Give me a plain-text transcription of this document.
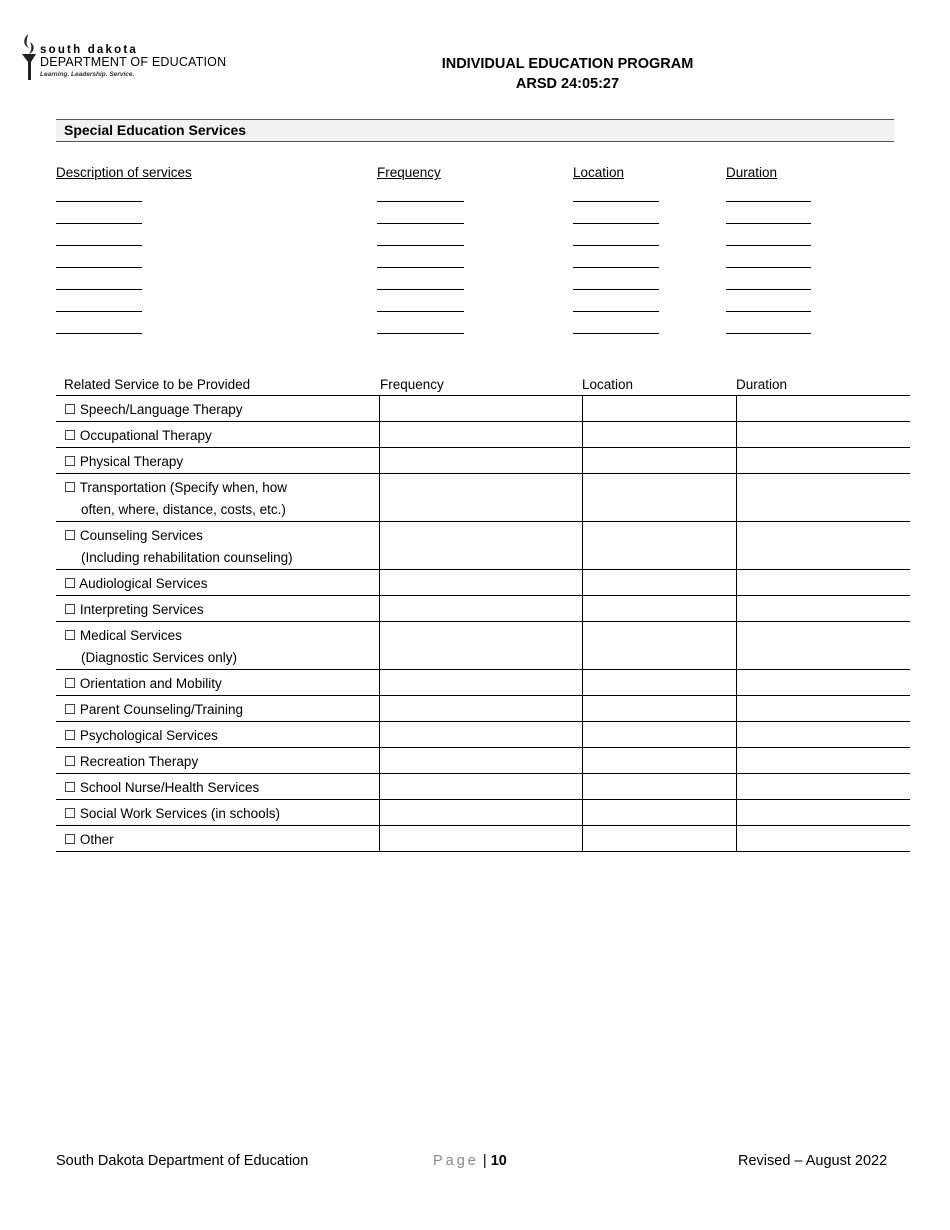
south dakota
DEPARTMENT OF EDUCATION
Learning. Leadership. Service.
INDIVIDUAL EDUCATION PROGRAM
ARSD 24:05:27
Special Education Services
Description of services	Frequency	Location	Duration
Related Service to be Provided	Frequency	Location	Duration
☐ Speech/Language Therapy			

☐ Occupational Therapy			

☐ Physical Therapy			

☐ Transportation (Specify when, how
often, where, distance, costs, etc.)			

☐ Counseling Services
(Including rehabilitation counseling)			

☐ Audiological Services			

☐ Interpreting Services			

☐ Medical Services
(Diagnostic Services only)			

☐ Orientation and Mobility			

☐ Parent Counseling/Training			

☐ Psychological Services			

☐ Recreation Therapy			

☐ School Nurse/Health Services			

☐ Social Work Services (in schools)			

☐ Other			

South Dakota Department of Education	Page | 10	Revised – August 2022
